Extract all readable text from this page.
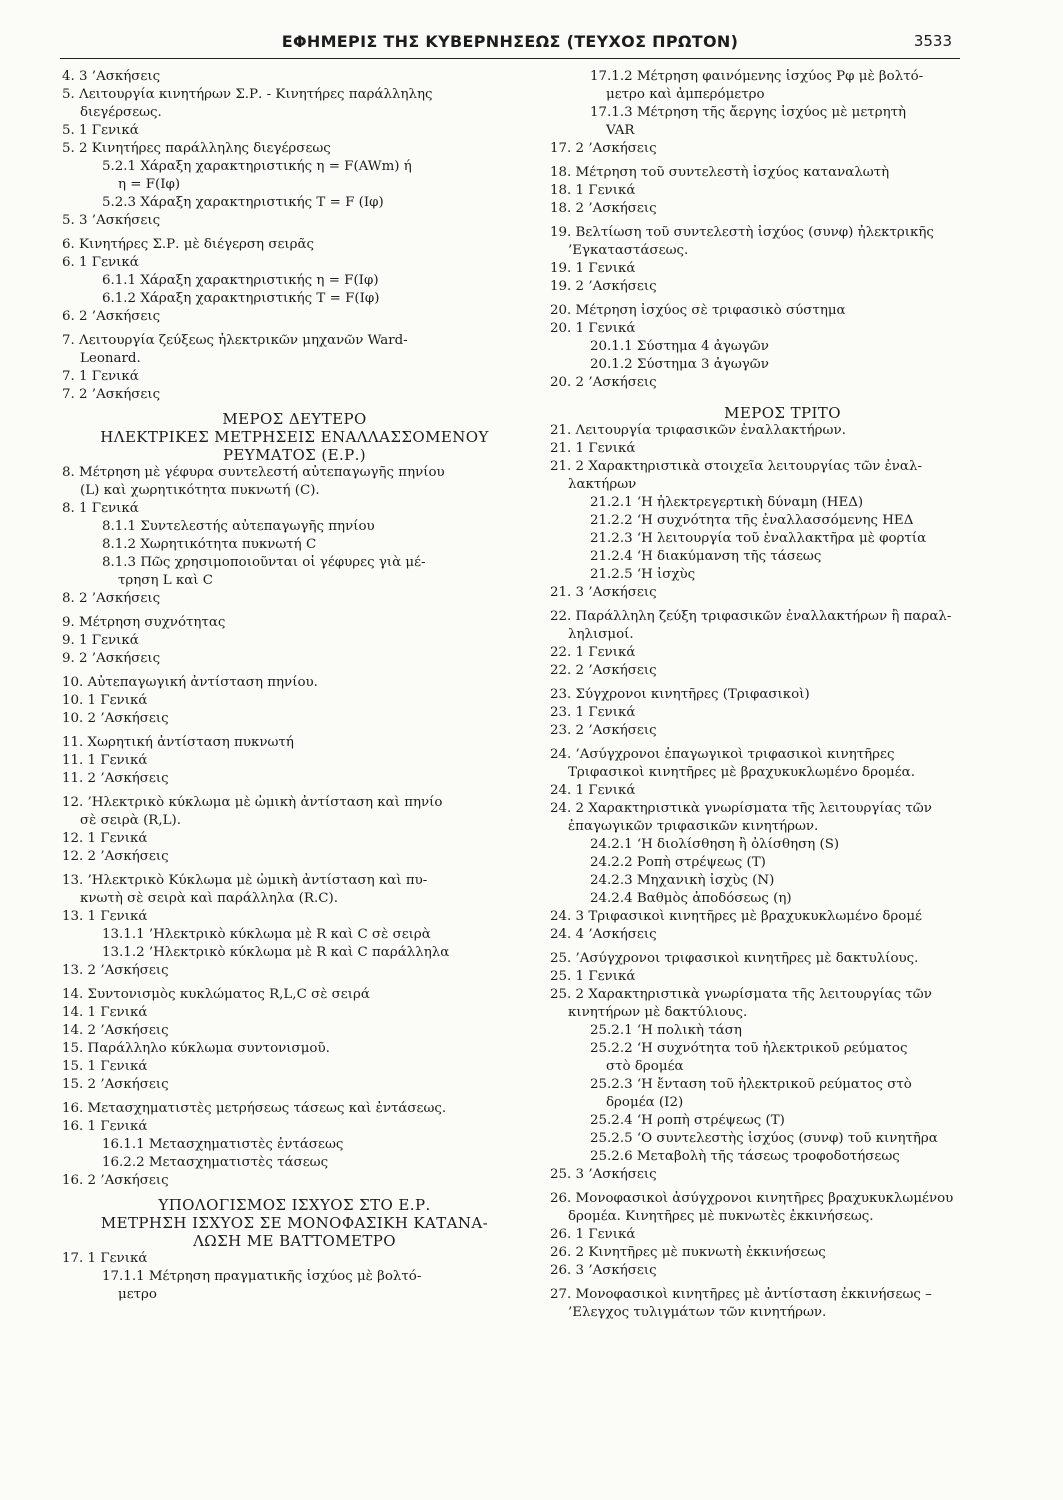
ΕΦΗΜΕΡΙΣ ΤΗΣ ΚΥΒΕΡΝΗΣΕΩΣ (ΤΕΥΧΟΣ ΠΡΩΤΟΝ)	3533
4. 3 ’Ασκήσεις
5. Λειτουργία κινητήρων Σ.Ρ. - Κινητήρες παράλληλης
διεγέρσεως.
5. 1 Γενικά
5. 2 Κινητήρες παράλληλης διεγέρσεως
5.2.1 Χάραξη χαρακτηριστικής η = F(AWm) ή
η = F(Ιφ)
5.2.3 Χάραξη χαρακτηριστικής Τ = F (Ιφ)
5. 3 ’Ασκήσεις
6. Κινητήρες Σ.Ρ. μὲ διέγερση σειρᾶς
6. 1 Γενικά
6.1.1 Χάραξη χαρακτηριστικής η = F(Ιφ)
6.1.2 Χάραξη χαρακτηριστικής Τ = F(Ιφ)
6. 2 ’Ασκήσεις
7. Λειτουργία ζεύξεως ἠλεκτρικῶν μηχανῶν Ward-
Leonard.
7. 1 Γενικά
7. 2 ’Ασκήσεις
ΜΕΡΟΣ ΔΕΥΤΕΡΟ
ΗΛΕΚΤΡΙΚΕΣ ΜΕΤΡΗΣΕΙΣ ΕΝΑΛΛΑΣΣΟΜΕΝΟΥ
ΡΕΥΜΑΤΟΣ (Ε.Ρ.)
8. Μέτρηση μὲ γέφυρα συντελεστή αὐτεπαγωγῆς πηνίου
(L) καὶ χωρητικότητα πυκνωτή (C).
8. 1 Γενικά
8.1.1 Συντελεστής αὐτεπαγωγῆς πηνίου
8.1.2 Χωρητικότητα πυκνωτή C
8.1.3 Πῶς χρησιμοποιοῦνται οἱ γέφυρες γιὰ μέ-
τρηση L καὶ C
8. 2 ’Ασκήσεις
9. Μέτρηση συχνότητας
9. 1 Γενικά
9. 2 ’Ασκήσεις
10. Αὐτεπαγωγική ἀντίσταση πηνίου.
10. 1 Γενικά
10. 2 ’Ασκήσεις
11. Χωρητική ἀντίσταση πυκνωτή
11. 1 Γενικά
11. 2 ’Ασκήσεις
12. ’Ηλεκτρικὸ κύκλωμα μὲ ὠμικὴ ἀντίσταση καὶ πηνίο
σὲ σειρὰ (R,L).
12. 1 Γενικά
12. 2 ’Ασκήσεις
13. ’Ηλεκτρικὸ Κύκλωμα μὲ ὠμικὴ ἀντίσταση καὶ πυ-
κνωτὴ σὲ σειρὰ καὶ παράλληλα (R.C).
13. 1 Γενικά
13.1.1 ’Ηλεκτρικὸ κύκλωμα μὲ R καὶ C σὲ σειρὰ
13.1.2 ’Ηλεκτρικὸ κύκλωμα μὲ R καὶ C παράλληλα
13. 2 ’Ασκήσεις
14. Συντονισμὸς κυκλώματος R,L,C σὲ σειρά
14. 1 Γενικά
14. 2 ’Ασκήσεις
15. Παράλληλο κύκλωμα συντονισμοῦ.
15. 1 Γενικά
15. 2 ’Ασκήσεις
16. Μετασχηματιστὲς μετρήσεως τάσεως καὶ ἐντάσεως.
16. 1 Γενικά
16.1.1 Μετασχηματιστὲς ἐντάσεως
16.2.2 Μετασχηματιστὲς τάσεως
16. 2 ’Ασκήσεις
ΥΠΟΛΟΓΙΣΜΟΣ ΙΣΧΥΟΣ ΣΤΟ Ε.Ρ.
ΜΕΤΡΗΣΗ ΙΣΧΥΟΣ ΣΕ ΜΟΝΟΦΑΣΙΚΗ ΚΑΤΑΝΑ-
ΛΩΣΗ ΜΕ ΒΑΤΤΟΜΕΤΡΟ
17. 1 Γενικά
17.1.1 Μέτρηση πραγματικῆς ἰσχύος μὲ βολτό-
μετρο
17.1.2 Μέτρηση φαινόμενης ἰσχύος Ρφ μὲ βολτό-
μετρο καὶ ἀμπερόμετρο
17.1.3 Μέτρηση τῆς ἄεργης ἰσχύος μὲ μετρητὴ
VAR
17. 2 ’Ασκήσεις
18. Μέτρηση τοῦ συντελεστὴ ἰσχύος καταναλωτὴ
18. 1 Γενικά
18. 2 ’Ασκήσεις
19. Βελτίωση τοῦ συντελεστὴ ἰσχύος (συνφ) ἠλεκτρικῆς
’Εγκαταστάσεως.
19. 1 Γενικά
19. 2 ’Ασκήσεις
20. Μέτρηση ἰσχύος σὲ τριφασικὸ σύστημα
20. 1 Γενικά
20.1.1 Σύστημα 4 ἀγωγῶν
20.1.2 Σύστημα 3 ἀγωγῶν
20. 2 ’Ασκήσεις
ΜΕΡΟΣ ΤΡΙΤΟ
21. Λειτουργία τριφασικῶν ἐναλλακτήρων.
21. 1 Γενικά
21. 2 Χαρακτηριστικὰ στοιχεῖα λειτουργίας τῶν ἐναλ-
λακτήρων
21.2.1 ‘Η ἠλεκτρεγερτικὴ δύναμη (ΗΕΔ)
21.2.2 ‘Η συχνότητα τῆς ἐναλλασσόμενης ΗΕΔ
21.2.3 ‘Η λειτουργία τοῦ ἐναλλακτῆρα μὲ φορτία
21.2.4 ‘Η διακύμανση τῆς τάσεως
21.2.5 ‘Η ἰσχὺς
21. 3 ’Ασκήσεις
22. Παράλληλη ζεύξη τριφασικῶν ἐναλλακτήρων ἢ παραλ-
ληλισμοί.
22. 1 Γενικά
22. 2 ’Ασκήσεις
23. Σύγχρονοι κινητῆρες (Τριφασικοὶ)
23. 1 Γενικά
23. 2 ’Ασκήσεις
24. ’Ασύγχρονοι ἐπαγωγικοὶ τριφασικοὶ κινητῆρες
Τριφασικοὶ κινητῆρες μὲ βραχυκυκλωμένο δρομέα.
24. 1 Γενικά
24. 2 Χαρακτηριστικὰ γνωρίσματα τῆς λειτουργίας τῶν
ἐπαγωγικῶν τριφασικῶν κινητήρων.
24.2.1 ‘Η διολίσθηση ἢ ὀλίσθηση (S)
24.2.2 Ροπὴ στρέψεως (Τ)
24.2.3 Μηχανικὴ ἰσχὺς (Ν)
24.2.4 Βαθμὸς ἀποδόσεως (η)
24. 3 Τριφασικοὶ κινητῆρες μὲ βραχυκυκλωμένο δρομέ
24. 4 ’Ασκήσεις
25. ’Ασύγχρονοι τριφασικοὶ κινητῆρες μὲ δακτυλίους.
25. 1 Γενικά
25. 2 Χαρακτηριστικὰ γνωρίσματα τῆς λειτουργίας τῶν
κινητήρων μὲ δακτύλιους.
25.2.1 ‘Η πολικὴ τάση
25.2.2 ‘Η συχνότητα τοῦ ἠλεκτρικοῦ ρεύματος
στὸ δρομέα
25.2.3 ‘Η ἔνταση τοῦ ἠλεκτρικοῦ ρεύματος στὸ
δρομέα (Ι2)
25.2.4 ‘Η ροπὴ στρέψεως (Τ)
25.2.5 ‘Ο συντελεστὴς ἰσχύος (συνφ) τοῦ κινητῆρα
25.2.6 Μεταβολὴ τῆς τάσεως τροφοδοτήσεως
25. 3 ’Ασκήσεις
26. Μονοφασικοὶ ἀσύγχρονοι κινητῆρες βραχυκυκλωμένου
δρομέα. Κινητῆρες μὲ πυκνωτὲς ἐκκινήσεως.
26. 1 Γενικά
26. 2 Κινητῆρες μὲ πυκνωτὴ ἐκκινήσεως
26. 3 ’Ασκήσεις
27. Μονοφασικοὶ κινητῆρες μὲ ἀντίσταση ἐκκινήσεως –
’Ελεγχος τυλιγμάτων τῶν κινητήρων.
